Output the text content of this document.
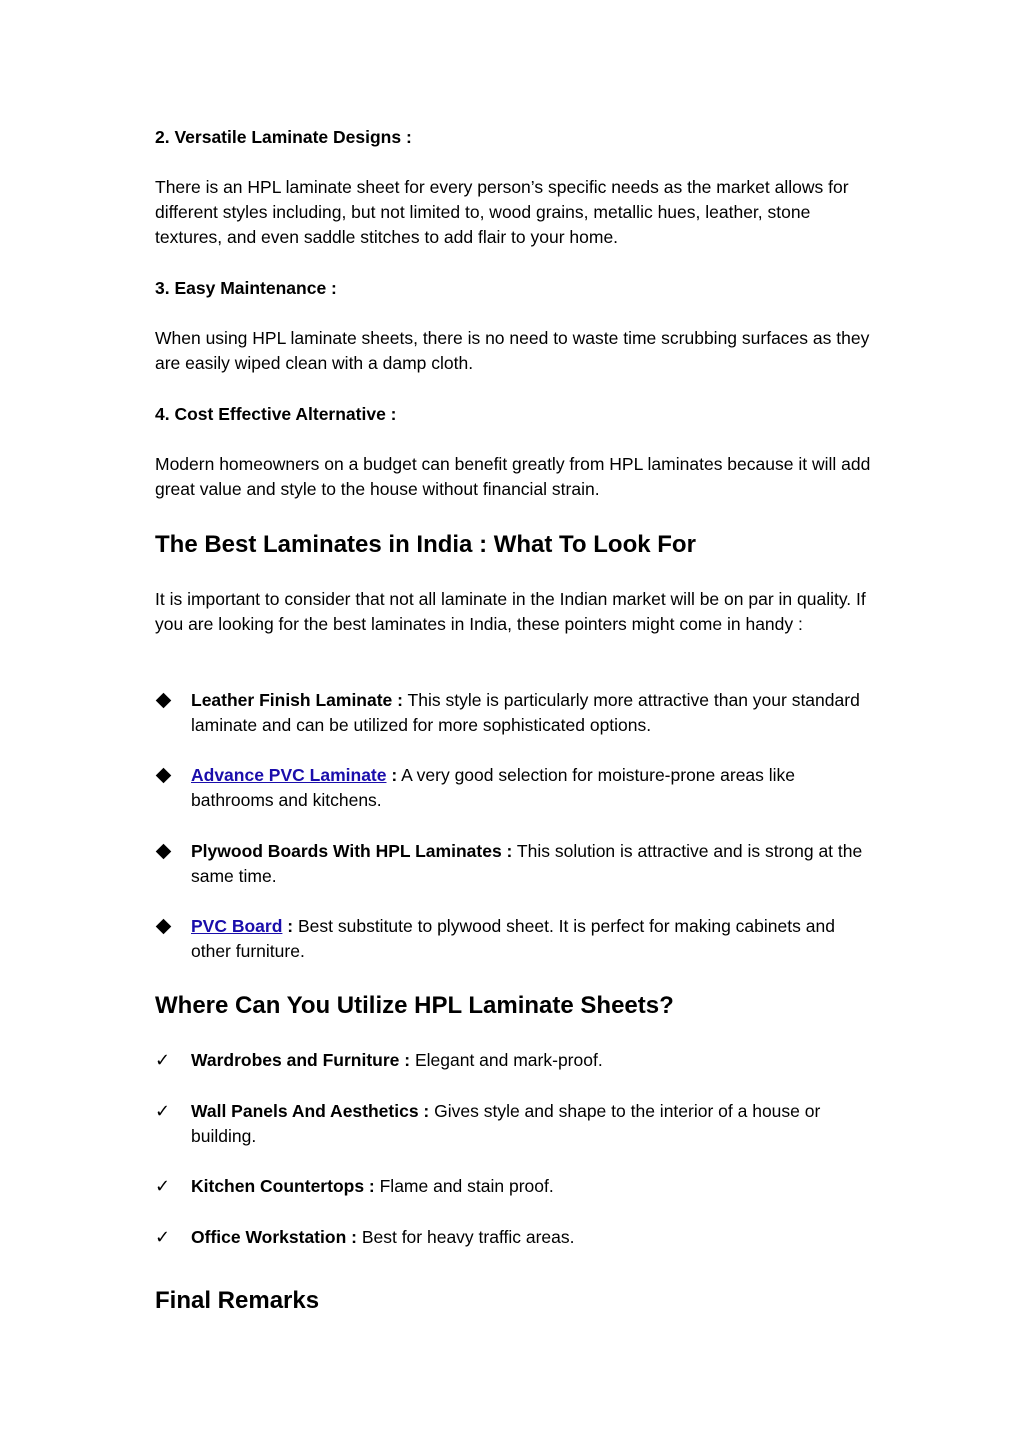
2. Versatile Laminate Designs :
There is an HPL laminate sheet for every person’s specific needs as the market allows for different styles including, but not limited to, wood grains, metallic hues, leather, stone textures, and even saddle stitches to add flair to your home.
3. Easy Maintenance :
When using HPL laminate sheets, there is no need to waste time scrubbing surfaces as they are easily wiped clean with a damp cloth.
4. Cost Effective Alternative :
Modern homeowners on a budget can benefit greatly from HPL laminates because it will add great value and style to the house without financial strain.
The Best Laminates in India : What To Look For
It is important to consider that not all laminate in the Indian market will be on par in quality. If you are looking for the best laminates in India, these pointers might come in handy :
Leather Finish Laminate : This style is particularly more attractive than your standard laminate and can be utilized for more sophisticated options.
Advance PVC Laminate : A very good selection for moisture-prone areas like bathrooms and kitchens.
Plywood Boards With HPL Laminates : This solution is attractive and is strong at the same time.
PVC Board : Best substitute to plywood sheet. It is perfect for making cabinets and other furniture.
Where Can You Utilize HPL Laminate Sheets?
✓	Wardrobes and Furniture : Elegant and mark-proof.
✓	Wall Panels And Aesthetics : Gives style and shape to the interior of a house or building.
✓	Kitchen Countertops : Flame and stain proof.
✓	Office Workstation : Best for heavy traffic areas.
Final Remarks
